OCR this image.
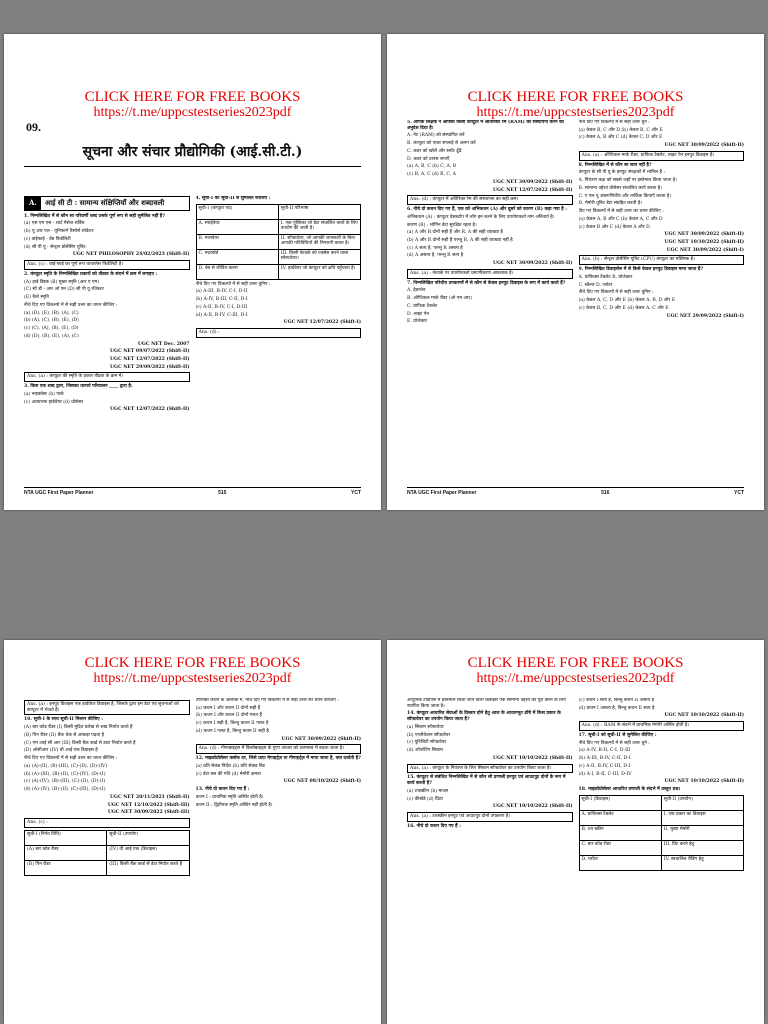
CLICK HERE FOR FREE BOOKS
https://t.me/uppcstestseries2023pdf
09.
सूचना और संचार प्रौद्योगिकी (आई.सी.टी.)
A.	आई सी टी : सामान्य संक्षिप्तियाँ और शब्दावली
1. निम्नलिखित में से कौन सा परिवर्णी शब्द उसके पूर्ण रूप से सही सुमेलित नहीं है?
(a) एस एम एस - शार्ट मैसेज सर्विस
(b) यू आर एल - यूनिफार्म रिसोर्स लोकेटर
(c) वाईफाई - वेब फिडेलिटी
(d) सी पी यू - सेन्ट्रल प्रोसेसिंग यूनिट
UGC NET PHILOSOPHY 24/02/2023 (Shift-II)
Ans. (c) : वाई-फाई का पूर्ण रूप वायरलेस फिडेलिटी है।
2. कंप्यूटर स्मृति के निम्नलिखित प्रकारों को तीव्रता के संदर्भ में क्रम में लगाइए :
(A) हार्ड डिस्क (B) मुख्य स्मृति (आर ए एम)
(C) सी डी - आर ओ एम (D) सी पी यू रजिस्टर
(E) कैशे स्मृति
नीचे दिए गए विकल्पों में से सही उत्तर का चयन कीजिए :
(a) (D), (E), (B), (A), (C)
(b) (A), (C), (B), (E), (D)
(c) (C), (A), (B), (E), (D)
(d) (D), (B), (E), (A), (C)
UGC NET Dec. 2007
UGC NET 09/07/2022 (Shift-II)
UGC NET 12/07/2022 (Shift-II)
UGC NET 29/09/2022 (Shift-II)
Ans. (a) : कंप्यूटर की स्मृति के प्रकार तीव्रता के क्रम में।
3. किस एक शब्द द्वारा, जिसका तात्पर्य परिचालन ____ द्वारा है:
(a) नाइक्वेस्ट (b) पार्क
(c) अवधारक हार्डवेयर (d) प्रोसेसर
UGC NET 12/07/2022 (Shift-II)
4. सूची-I को सूची-II से सुमेलित कीजिए :
सूची-I (कंप्यूटर पद)	सूची-II परिभाषा
A. स्पाईवेयर	I. एक पुस्तिका जो डेटा संचालित करते के लिए उपयोग की जाती है।
B. मालवेयर	II. सॉफ्टवेयर, जो आपकी जानकारी के बिना आपकी गतिविधियों की निगरानी करता है।
C. मदरबोर्ड	III. किसी नेटवर्क को एक्सेस करने वाला सॉफ्टवेयर।
D. वेब से जीवित करना	IV. हार्डवेयर जो कंप्यूटर को क्षति पहुँचाता है।
नीचे दिए गए विकल्पों में से सही उत्तर चुनिए :
(a) A-III, B-IV, C-I, D-II
(b) A-IV, B-III, C-II, D-I
(c) A-II, B-IV, C-I, D-III
(d) A-II, B-IV, C-III, D-I
UGC NET 12/07/2022 (Shift-I)
Ans. (d) :
NTA UGC First Paper Planner	515	YCT
CLICK HERE FOR FREE BOOKS
https://t.me/uppcstestseries2023pdf
5. आपके शिक्षक ने आपको किसी कंप्यूटर में अतिरिक्त रैम (RAM) की संस्थापना करने का अनुदेश दिया है।
A. नेट (RAM) को संस्थापित करें
B. कंप्यूटर को पावर सप्लाई से अलग करें
C. कवर को खोलें और स्लॉट ढूँढें
D. कवर को वापस लगाएँ
(a) A, B, C (b) C, A, B
(c) B, A, C (d) B, C, A
UGC NET 30/09/2022 (Shift-II)
UGC NET 12/07/2022 (Shift-II)
Ans. (d) : कंप्यूटर में अतिरिक्त रैम की संस्थापना का सही क्रम।
6. नीचे दो कथन दिए गए हैं, एक को अभिकथन (A) और दूसरे को कारण (R) कहा गया है :
अभिकथन (A) : कंप्यूटर डेस्कटॉप में लॉग इन करने के लिए उपयोगकर्ता नाम अनिवार्य है।
कारण (R) : लॉगिन डेटा सुरक्षित रहता है।
(a) A और R दोनों सही हैं और R, A की सही व्याख्या है
(b) A और R दोनों सही हैं परन्तु R, A की सही व्याख्या नहीं है
(c) A सत्य है, परन्तु R असत्य है
(d) A असत्य है, परन्तु R सत्य है
UGC NET 30/09/2022 (Shift-II)
Ans. (a) : नेटवर्क पर उपयोगकर्ता प्रमाणीकरण आवश्यक है।
7. निम्नलिखित परिधीय उपकरणों में से कौन से केवल इनपुट डिवाइस के रूप में कार्य करते हैं?
A. हेडफोन
B. ऑप्टिकल मार्क रीडर (ओ एम आर)
C. ग्राफिक टैबलेट
D. लाइट पेन
E. प्रोजेक्टर
नीचे दिए गए विकल्पों में से सही उत्तर चुनें :
(a) केवल B, C और D (b) केवल B, C और E
(c) केवल A, B और C (d) केवल C, D और E
UGC NET 30/09/2022 (Shift-II)
Ans. (a) : ऑप्टिकल मार्क रीडर, ग्राफिक टैबलेट, लाइट पेन इनपुट डिवाइस हैं।
8. निम्नलिखित में से कौन सा सत्य नहीं है?
कंप्यूटर के सी पी यू के इनपुट संरक्षकों में शामिल हैं :
A. नियंत्रण कक्ष को सबसे जहाँ पर इस्तेमाल किया जाता है।
B. सामान्य उद्देश्य प्रोसेसर संचालित कार्य करता है।
C. ए एल यू अंकगणितीय और तार्किक क्रियाएँ करता है।
D. मेमोरी यूनिट डेटा संग्रहित करती है।
दिए गए विकल्पों में से सही उत्तर का चयन कीजिए :
(a) केवल A, B और C (b) केवल A, C और D
(c) केवल B और C (d) केवल A और D
UGC NET 30/09/2022 (Shift-II)
UGC NET 10/10/2022 (Shift-II)
UGC NET 30/09/2022 (Shift-I)
Ans. (b) : सेन्ट्रल प्रोसेसिंग यूनिट (CPU) कंप्यूटर का मस्तिष्क है।
9. निम्नलिखित डिवाइसेस में से किसे केवल इनपुट डिवाइस माना जाता है?
A. ग्राफिक्स टैबलेट B. प्रोजेक्टर
C. स्कैनर D. प्लॉटर
नीचे दिए गए विकल्पों में से सही उत्तर चुनिए :
(a) केवल A, C, D और E (b) केवल A, B, D और E
(c) केवल B, C, D और E (d) केवल A, C और E
UGC NET 29/09/2022 (Shift-I)
NTA UGC First Paper Planner	516	YCT
CLICK HERE FOR FREE BOOKS
https://t.me/uppcstestseries2023pdf
Ans. (a) : इनपुट डिवाइस एक हार्डवेयर डिवाइस है, जिसके द्वारा हम डेटा एवं सूचनाओं को कंप्यूटर में भेजते हैं।
10. सूची-I के साथ सूची-II मिलान कीजिए :
(A) बार कोड रीडर (I) किसी मुद्रित प्रलेख से शब्द निर्यात करते हैं
(B) पिन रीडर (II) बैंक चेक से आंकड़ा पढ़ता है
(C) एम आई सी आर (III) किसी बैंक कार्ड से डाटा निर्यात करते हैं
(D) ओसीआर (IV) वी आई एक डिवाइस है
नीचे दिए गए विकल्पों में से सही उत्तर का चयन कीजिए :
(a) (A)-(II), (B)-(III), (C)-(II), (D)-(IV)
(b) (A)-(III), (B)-(II), (C)-(IV), (D)-(I)
(c) (A)-(IV), (B)-(III), (C)-(II), (D)-(I)
(d) (A)-(IV), (B)-(II), (C)-(III), (D)-(I)
UGC NET 20/11/2021 (Shift-II)
UGC NET 12/10/2022 (Shift-III)
UGC NET 30/09/2022 (Shift-III)
Ans. (c) :
सूची-I (निर्गत विधि)	सूची-II (उपयोग)
(A) बार कोड रीडर	(IV) वी आई एक (डिवाइस)
(B) पिन रीडर	(III) किसी बैंक कार्ड से डेटा निर्यात करते हैं
उपरोक्त कथन के आलोक में, नीचे दिए गए विकल्पों में से सही उत्तर का चयन कीजिए :
(a) कथन I और कथन II दोनों सही हैं
(b) कथन I और कथन II दोनों गलत हैं
(c) कथन I सही है, किन्तु कथन II गलत है
(d) कथन I गलत है, किन्तु कथन II सही है
UGC NET 30/09/2022 (Shift-II)
Ans. (d) : गीगाबाइट्स में किलोबाइट्स के गुणा आधार को दशमलव में बदला जाता है।
12. माइक्रोप्रोसेसर क्लॉक दर, जिसे प्रायः मेगाहर्ट्ज़ या गीगाहर्ट्ज़ में मापा जाता है, क्या दर्शाती है?
(a) प्रति सेकंड निर्देश (b) प्रति सेकंड बिट
(c) डेटा बस की गति (d) मेमोरी क्षमता
UGC NET 08/10/2022 (Shift-I)
13. नीचे दो कथन दिए गए हैं :
कथन I : प्राथमिक स्मृति अस्थिर होती है।
कथन II : द्वितीयक स्मृति अस्थिर नहीं होती है।
CLICK HERE FOR FREE BOOKS
https://t.me/uppcstestseries2023pdf
आधुनिक टीवीएस में इस्तेमाल किया जाने वाला डिवाइस एक सामान्य उद्देश्य को पूरा करने के लिए स्थापित किया जाता है।
14. कंप्यूटर आधारित सेवाओं के विस्तार होने हेतु आज के आधारभूत ढाँचे में किस प्रकार के सॉफ्टवेयर का उपयोग किया जाता है?
(a) सिस्टम सॉफ्टवेयर
(b) एप्लीकेशन सॉफ्टवेयर
(c) यूटिलिटी सॉफ्टवेयर
(d) ऑपरेटिंग सिस्टम
UGC NET 10/10/2022 (Shift-II)
Ans. (a) : कंप्यूटर के नियंत्रण के लिए सिस्टम सॉफ्टवेयर का उपयोग किया जाता है।
15. कंप्यूटर से संबंधित निम्नलिखित में से कौन सी प्रणाली इनपुट एवं आउटपुट दोनों के रूप में कार्य करती है?
(a) टचस्क्रीन (b) माउस
(c) कीबोर्ड (d) प्रिंटर
UGC NET 10/10/2022 (Shift-II)
Ans. (a) : टचस्क्रीन इनपुट एवं आउटपुट दोनों उपकरण है।
16. नीचे दो कथन दिए गए हैं :
(c) कथन I सत्य है, किन्तु कथन II असत्य है
(d) कथन I असत्य है, किन्तु कथन II सत्य है
UGC NET 10/10/2022 (Shift-II)
Ans. (d) : RAM के संदर्भ में प्राथमिक मेमोरी अस्थिर होती है।
17. सूची-I को सूची-II से सुमेलित कीजिए :
नीचे दिए गए विकल्पों में से सही उत्तर चुनें :
(a) A-IV, B-II, C-I, D-III
(b) A-III, B-IV, C-II, D-I
(c) A-II, B-IV, C-III, D-I
(d) A-I, B-II, C-III, D-IV
UGC NET 10/10/2022 (Shift-II)
18. माइक्रोप्रोसेसर आधारित प्रणाली के संदर्भ में प्रस्तुत प्रश्न।
सूची-I (डिवाइस)	सूची-II (उपयोग)
A. ग्राफिक्स टैबलेट	I. एक प्रकार का डिवाइस
B. टच स्क्रीन	II. मुख्य मेमोरी
C. बार कोड रीडर	III. प्रिंट करने हेतु
D. प्लॉटर	IV. स्वचालित रीडिंग हेतु
